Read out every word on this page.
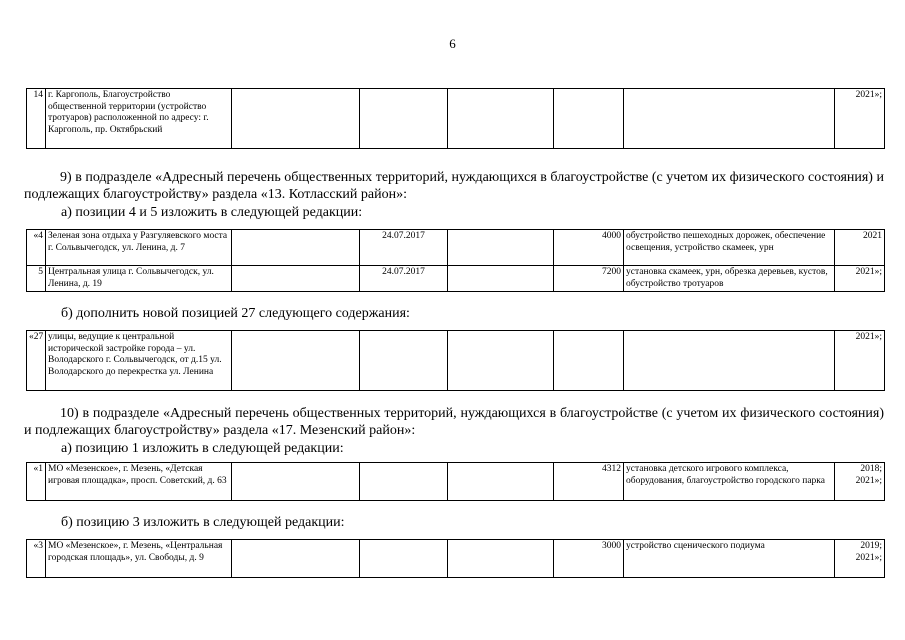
6
14	г. Каргополь, Благоустройство общественной территории (устройство тротуаров) расположенной по адресу: г. Каргополь, пр. Октябрьский						2021»;
9) в подразделе «Адресный перечень общественных территорий, нуждающихся в благоустройстве (с учетом их физического состояния) и подлежащих благоустройству» раздела «13. Котласский район»:
а) позиции 4 и 5 изложить в следующей редакции:
«4	Зеленая зона отдыха у Разгуляевского моста г. Сольвычегодск, ул. Ленина, д. 7		24.07.2017		4000	обустройство пешеходных дорожек, обеспечение освещения, устройство скамеек, урн	2021
5	Центральная улица г. Сольвычегодск, ул. Ленина, д. 19		24.07.2017		7200	установка скамеек, урн, обрезка деревьев, кустов, обустройство тротуаров	2021»;
б) дополнить новой позицией 27 следующего содержания:
«27	улицы, ведущие к центральной исторической застройке города – ул. Володарского г. Сольвычегодск, от д.15 ул. Володарского до перекрестка ул. Ленина						2021»;
10) в подразделе «Адресный перечень общественных территорий, нуждающихся в благоустройстве (с учетом их физического состояния) и подлежащих благоустройству» раздела «17. Мезенский район»:
а) позицию 1 изложить в следующей редакции:
«1	МО «Мезенское», г. Мезень, «Детская игровая площадка», просп. Советский, д. 63				4312	установка детского игрового комплекса, оборудования, благоустройство городского парка	2018; 2021»;
б) позицию 3 изложить в следующей редакции:
«3	МО «Мезенское», г. Мезень, «Центральная городская площадь», ул. Свободы, д. 9				3000	устройство сценического подиума	2019; 2021»;
